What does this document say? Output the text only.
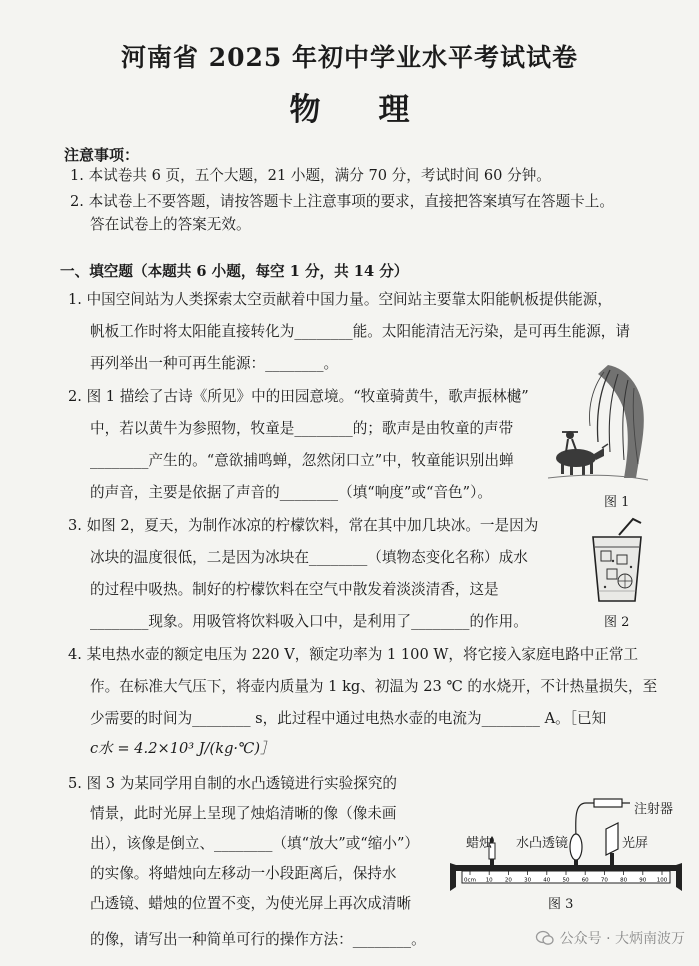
河南省 2025 年初中学业水平考试试卷
物理
注意事项：
1. 本试卷共 6 页，五个大题，21 小题，满分 70 分，考试时间 60 分钟。
2. 本试卷上不要答题，请按答题卡上注意事项的要求，直接把答案填写在答题卡上。
答在试卷上的答案无效。
一、填空题（本题共 6 小题，每空 1 分，共 14 分）
1. 中国空间站为人类探索太空贡献着中国力量。空间站主要靠太阳能帆板提供能源，
帆板工作时将太阳能直接转化为________能。太阳能清洁无污染，是可再生能源，请
再列举出一种可再生能源：________。
2. 图 1 描绘了古诗《所见》中的田园意境。“牧童骑黄牛，歌声振林樾”
中，若以黄牛为参照物，牧童是________的；歌声是由牧童的声带
________产生的。“意欲捕鸣蝉，忽然闭口立”中，牧童能识别出蝉
的声音，主要是依据了声音的________（填“响度”或“音色”）。
图 1
3. 如图 2，夏天，为制作冰凉的柠檬饮料，常在其中加几块冰。一是因为
冰块的温度很低，二是因为冰块在________（填物态变化名称）成水
的过程中吸热。制好的柠檬饮料在空气中散发着淡淡清香，这是
________现象。用吸管将饮料吸入口中，是利用了________的作用。	图 2
4. 某电热水壶的额定电压为 220 V，额定功率为 1 100 W，将它接入家庭电路中正常工
作。在标准大气压下，将壶内质量为 1 kg、初温为 23 ℃ 的水烧开，不计热量损失，至
少需要的时间为________ s，此过程中通过电热水壶的电流为________ A。［已知
c水 = 4.2×10³ J/(kg·℃)］
5. 图 3 为某同学用自制的水凸透镜进行实验探究的
情景，此时光屏上呈现了烛焰清晰的像（像未画
出），该像是倒立、________（填“放大”或“缩小”）
的实像。将蜡烛向左移动一小段距离后，保持水
凸透镜、蜡烛的位置不变，为使光屏上再次成清晰
的像，请写出一种简单可行的操作方法：________。
0cm 10 20 30 40 50 60 70 80 90 100
蜡烛 水凸透镜	光屏
注射器
图 3
公众号 · 大炳南波万
